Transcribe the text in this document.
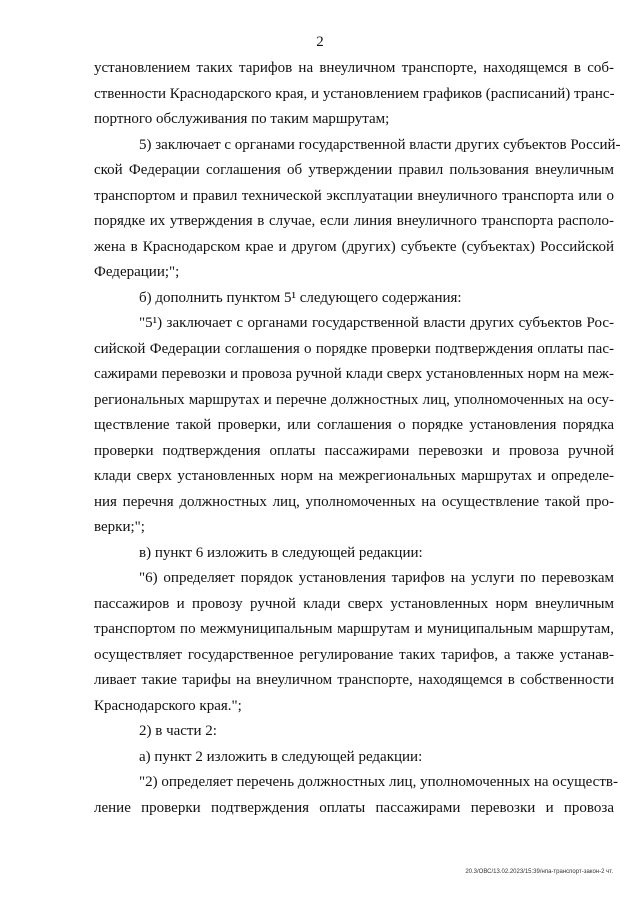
2
установлением таких тарифов на внеуличном транспорте, находящемся в соб-
ственности Краснодарского края, и установлением графиков (расписаний) транс-
портного обслуживания по таким маршрутам;
5) заключает с органами государственной власти других субъектов Россий-
ской Федерации соглашения об утверждении правил пользования внеуличным
транспортом и правил технической эксплуатации внеуличного транспорта или о
порядке их утверждения в случае, если линия внеуличного транспорта располо-
жена в Краснодарском крае и другом (других) субъекте (субъектах) Российской
Федерации;";
б) дополнить пунктом 5¹ следующего содержания:
"5¹) заключает с органами государственной власти других субъектов Рос-
сийской Федерации соглашения о порядке проверки подтверждения оплаты пас-
сажирами перевозки и провоза ручной клади сверх установленных норм на меж-
региональных маршрутах и перечне должностных лиц, уполномоченных на осу-
ществление такой проверки, или соглашения о порядке установления порядка
проверки подтверждения оплаты пассажирами перевозки и провоза ручной
клади сверх установленных норм на межрегиональных маршрутах и определе-
ния перечня должностных лиц, уполномоченных на осуществление такой про-
верки;";
в) пункт 6 изложить в следующей редакции:
"6) определяет порядок установления тарифов на услуги по перевозкам
пассажиров и провозу ручной клади сверх установленных норм внеуличным
транспортом по межмуниципальным маршрутам и муниципальным маршрутам,
осуществляет государственное регулирование таких тарифов, а также устанав-
ливает такие тарифы на внеуличном транспорте, находящемся в собственности
Краснодарского края.";
2) в части 2:
а) пункт 2 изложить в следующей редакции:
"2) определяет перечень должностных лиц, уполномоченных на осуществ-
ление проверки подтверждения оплаты пассажирами перевозки и провоза
20.3/ОВС/13.02.2023/15:39/нпа-транспорт-закон-2 чт.
